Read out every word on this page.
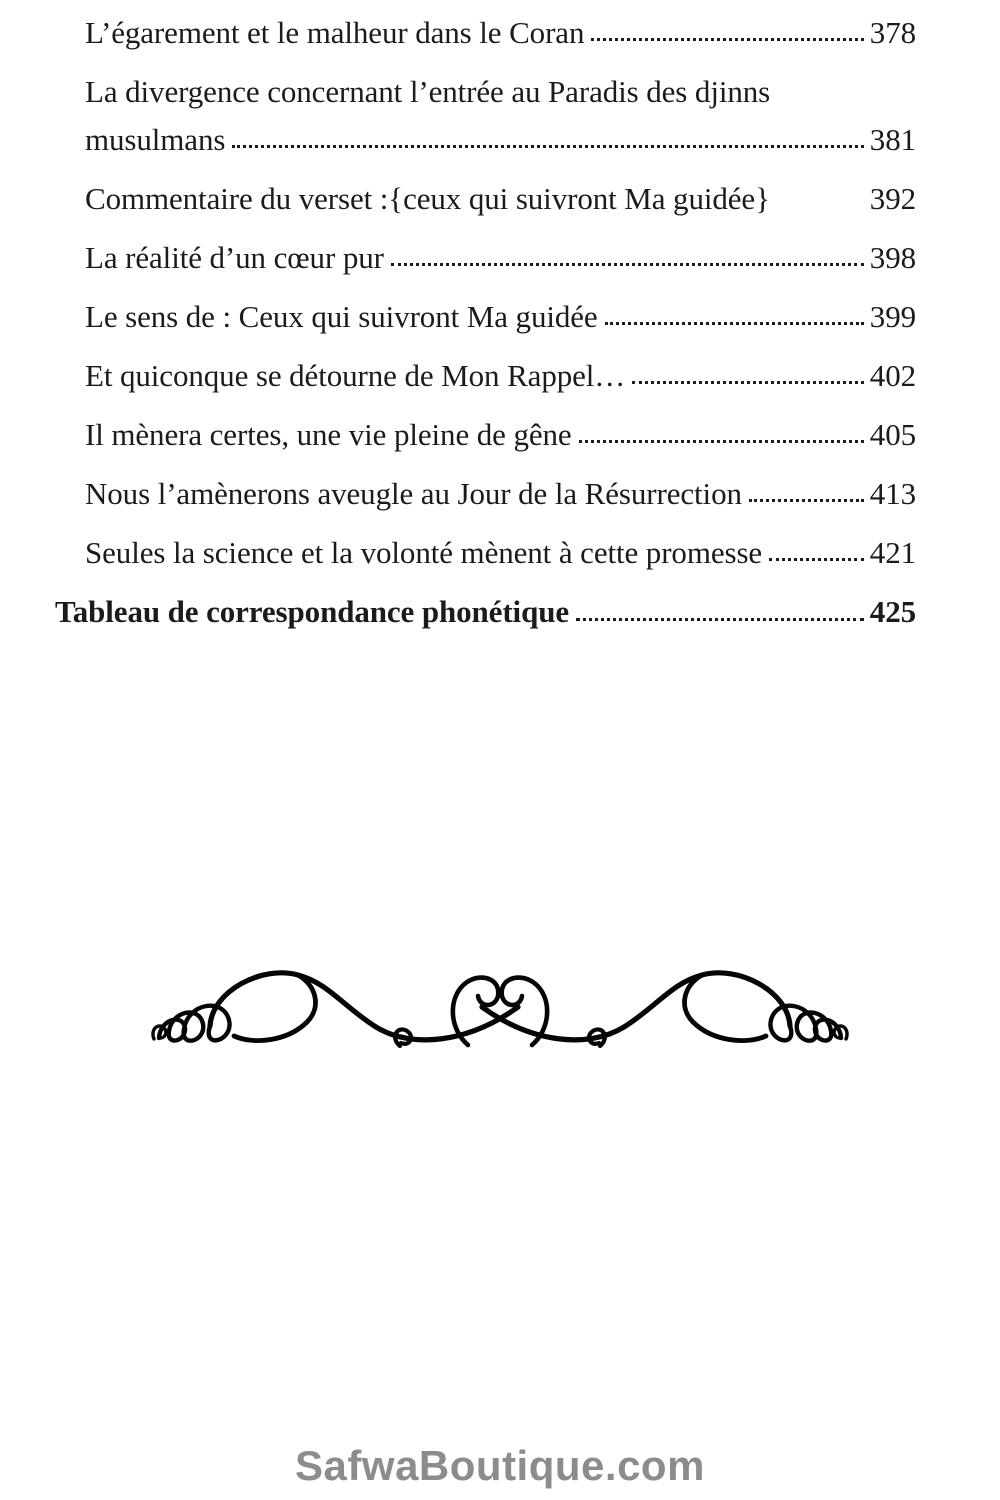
L’égarement et le malheur dans le Coran	378
La divergence concernant l’entrée au Paradis des djinns
musulmans	381
Commentaire du verset :{ceux qui suivront Ma guidée}	392
La réalité d’un cœur pur	398
Le sens de : Ceux qui suivront Ma guidée	399
Et quiconque se détourne de Mon Rappel…	402
Il mènera certes, une vie pleine de gêne	405
Nous l’amènerons aveugle au Jour de la Résurrection	413
Seules la science et la volonté mènent à cette promesse	421
Tableau de correspondance phonétique	425
SafwaBoutique.com
